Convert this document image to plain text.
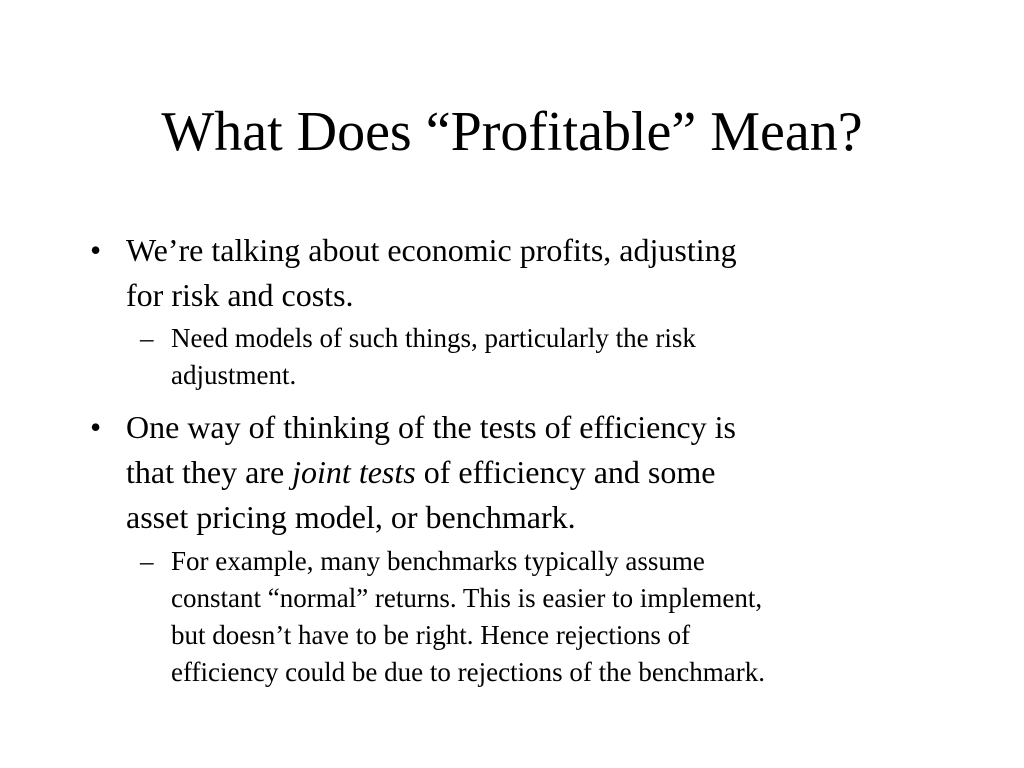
What Does “Profitable” Mean?
• We’re talking about economic profits, adjusting
for risk and costs.
– Need models of such things, particularly the risk
adjustment.
• One way of thinking of the tests of efficiency is
that they are joint tests of efficiency and some
asset pricing model, or benchmark.
– For example, many benchmarks typically assume
constant “normal” returns. This is easier to implement,
but doesn’t have to be right. Hence rejections of
efficiency could be due to rejections of the benchmark.
